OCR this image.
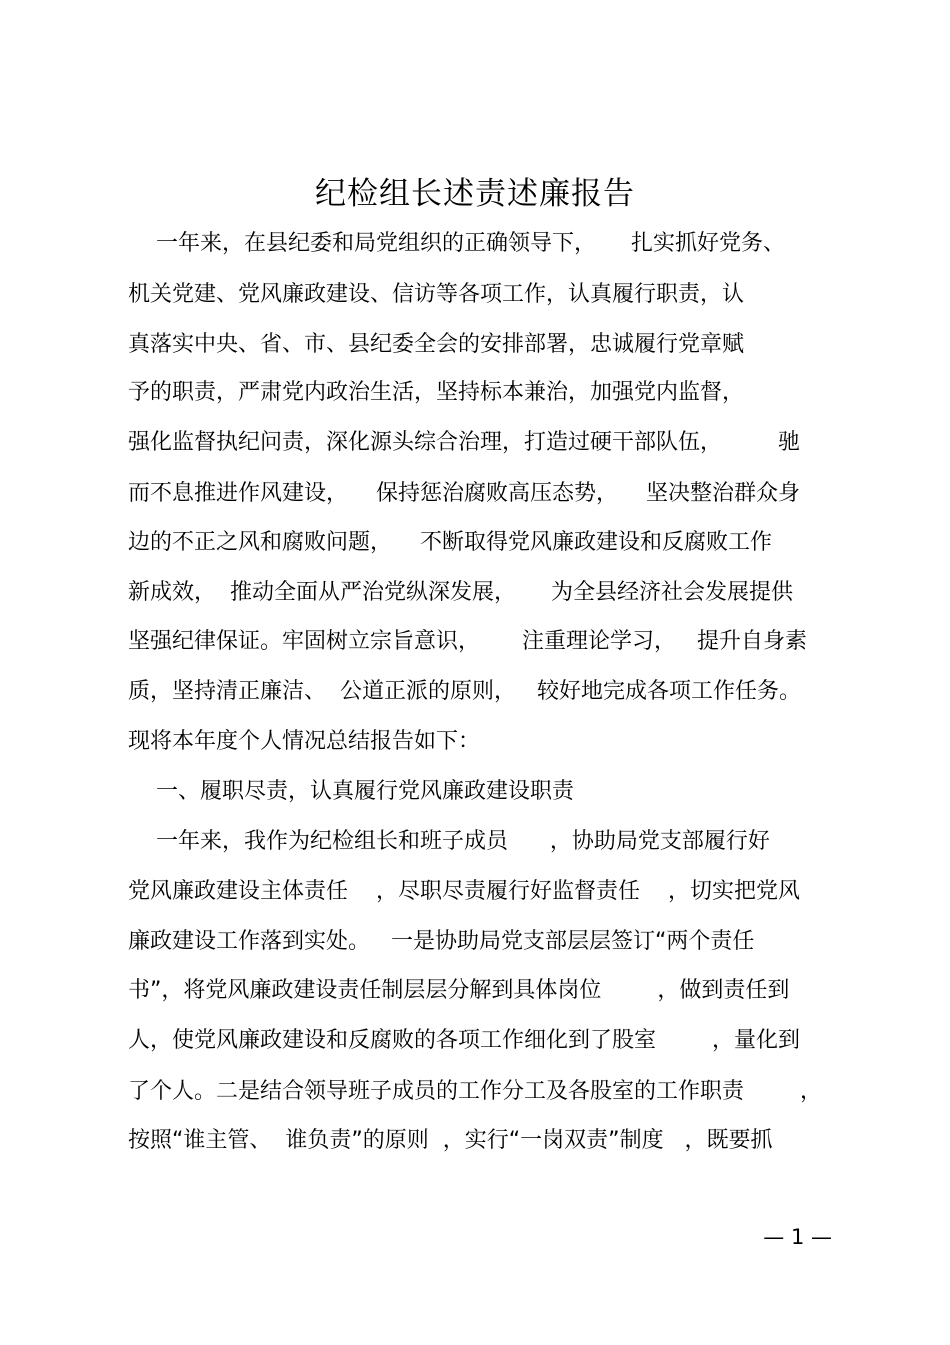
纪检组长述责述廉报告
一年来，在县纪委和局党组织的正确领导下，     扎实抓好党务、
机关党建、党风廉政建设、信访等各项工作，认真履行职责，认
真落实中央、省、市、县纪委全会的安排部署，忠诚履行党章赋
予的职责，严肃党内政治生活，坚持标本兼治，加强党内监督，
强化监督执纪问责，深化源头综合治理，打造过硬干部队伍，        驰
而不息推进作风建设，    保持惩治腐败高压态势，    坚决整治群众身
边的不正之风和腐败问题，    不断取得党风廉政建设和反腐败工作
新成效，  推动全面从严治党纵深发展，     为全县经济社会发展提供
坚强纪律保证。牢固树立宗旨意识，      注重理论学习，   提升自身素
质，坚持清正廉洁、  公道正派的原则，   较好地完成各项工作任务。
现将本年度个人情况总结报告如下：
一、履职尽责，认真履行党风廉政建设职责
一年来，我作为纪检组长和班子成员      ，协助局党支部履行好
党风廉政建设主体责任    ，尽职尽责履行好监督责任    ，切实把党风
廉政建设工作落到实处。   一是协助局党支部层层签订“两个责任
书”，将党风廉政建设责任制层层分解到具体岗位        ，做到责任到
人，使党风廉政建设和反腐败的各项工作细化到了股室        ，量化到
了个人。二是结合领导班子成员的工作分工及各股室的工作职责        ，
按照“谁主管、  谁负责”的原则  ，实行“一岗双责”制度   ，既要抓
— 1 —
